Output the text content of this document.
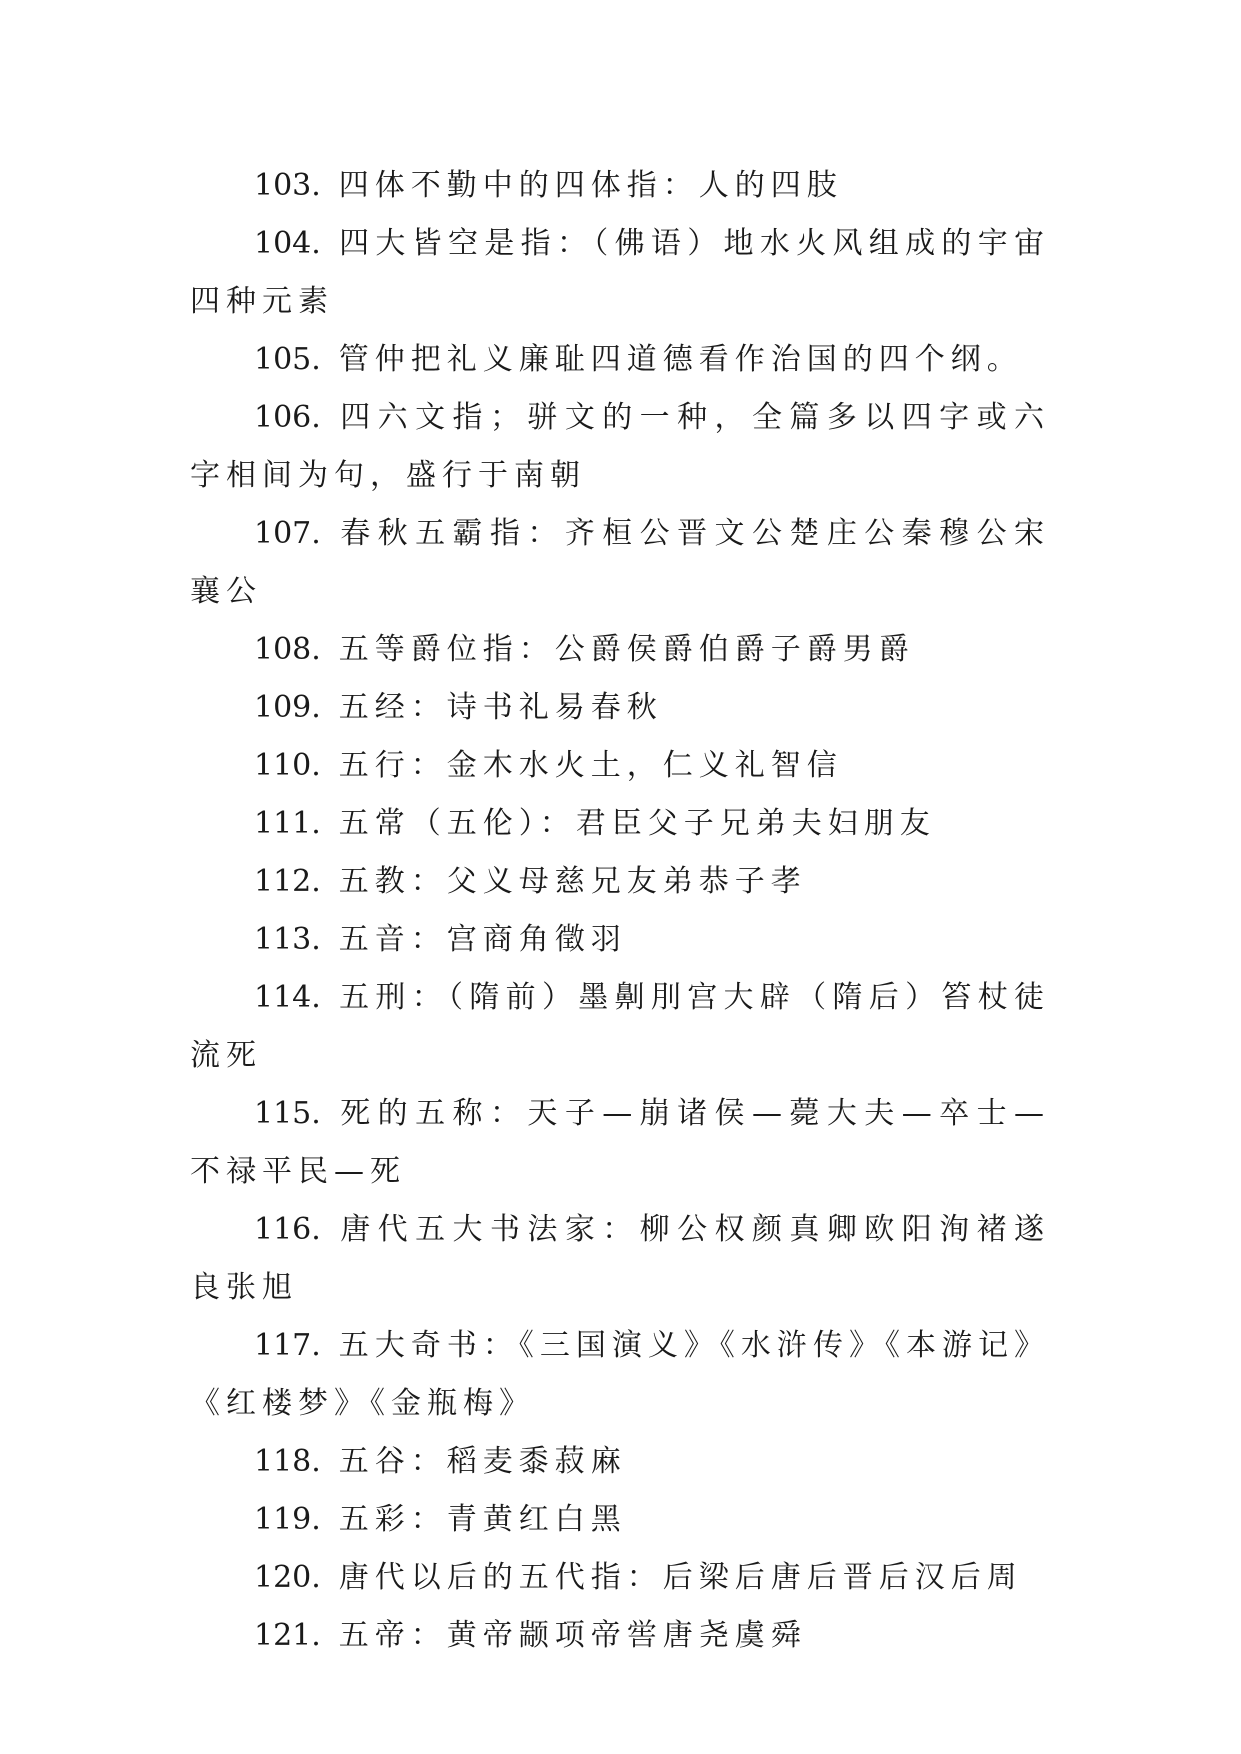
103. 四体不勤中的四体指：人的四肢

104. 四大皆空是指：（佛语）地水火风组成的宇宙四种元素

105. 管仲把礼义廉耻四道德看作治国的四个纲。

106. 四六文指；骈文的一种，全篇多以四字或六字相间为句，盛行于南朝

107. 春秋五霸指：齐桓公晋文公楚庄公秦穆公宋襄公

108. 五等爵位指：公爵侯爵伯爵子爵男爵

109. 五经：诗书礼易春秋

110. 五行：金木水火土，仁义礼智信

111. 五常（五伦）：君臣父子兄弟夫妇朋友

112. 五教：父义母慈兄友弟恭子孝

113. 五音：宫商角徵羽

114. 五刑：（隋前）墨劓刖宫大辟（隋后）笞杖徒流死

115. 死的五称：天子—崩诸侯—薨大夫—卒士—不禄平民—死

116. 唐代五大书法家：柳公权颜真卿欧阳洵褚遂良张旭

117. 五大奇书：《三国演义》《水浒传》《本游记》《红楼梦》《金瓶梅》

118. 五谷：稻麦黍菽麻

119. 五彩：青黄红白黑

120. 唐代以后的五代指：后梁后唐后晋后汉后周

121. 五帝：黄帝颛项帝喾唐尧虞舜
